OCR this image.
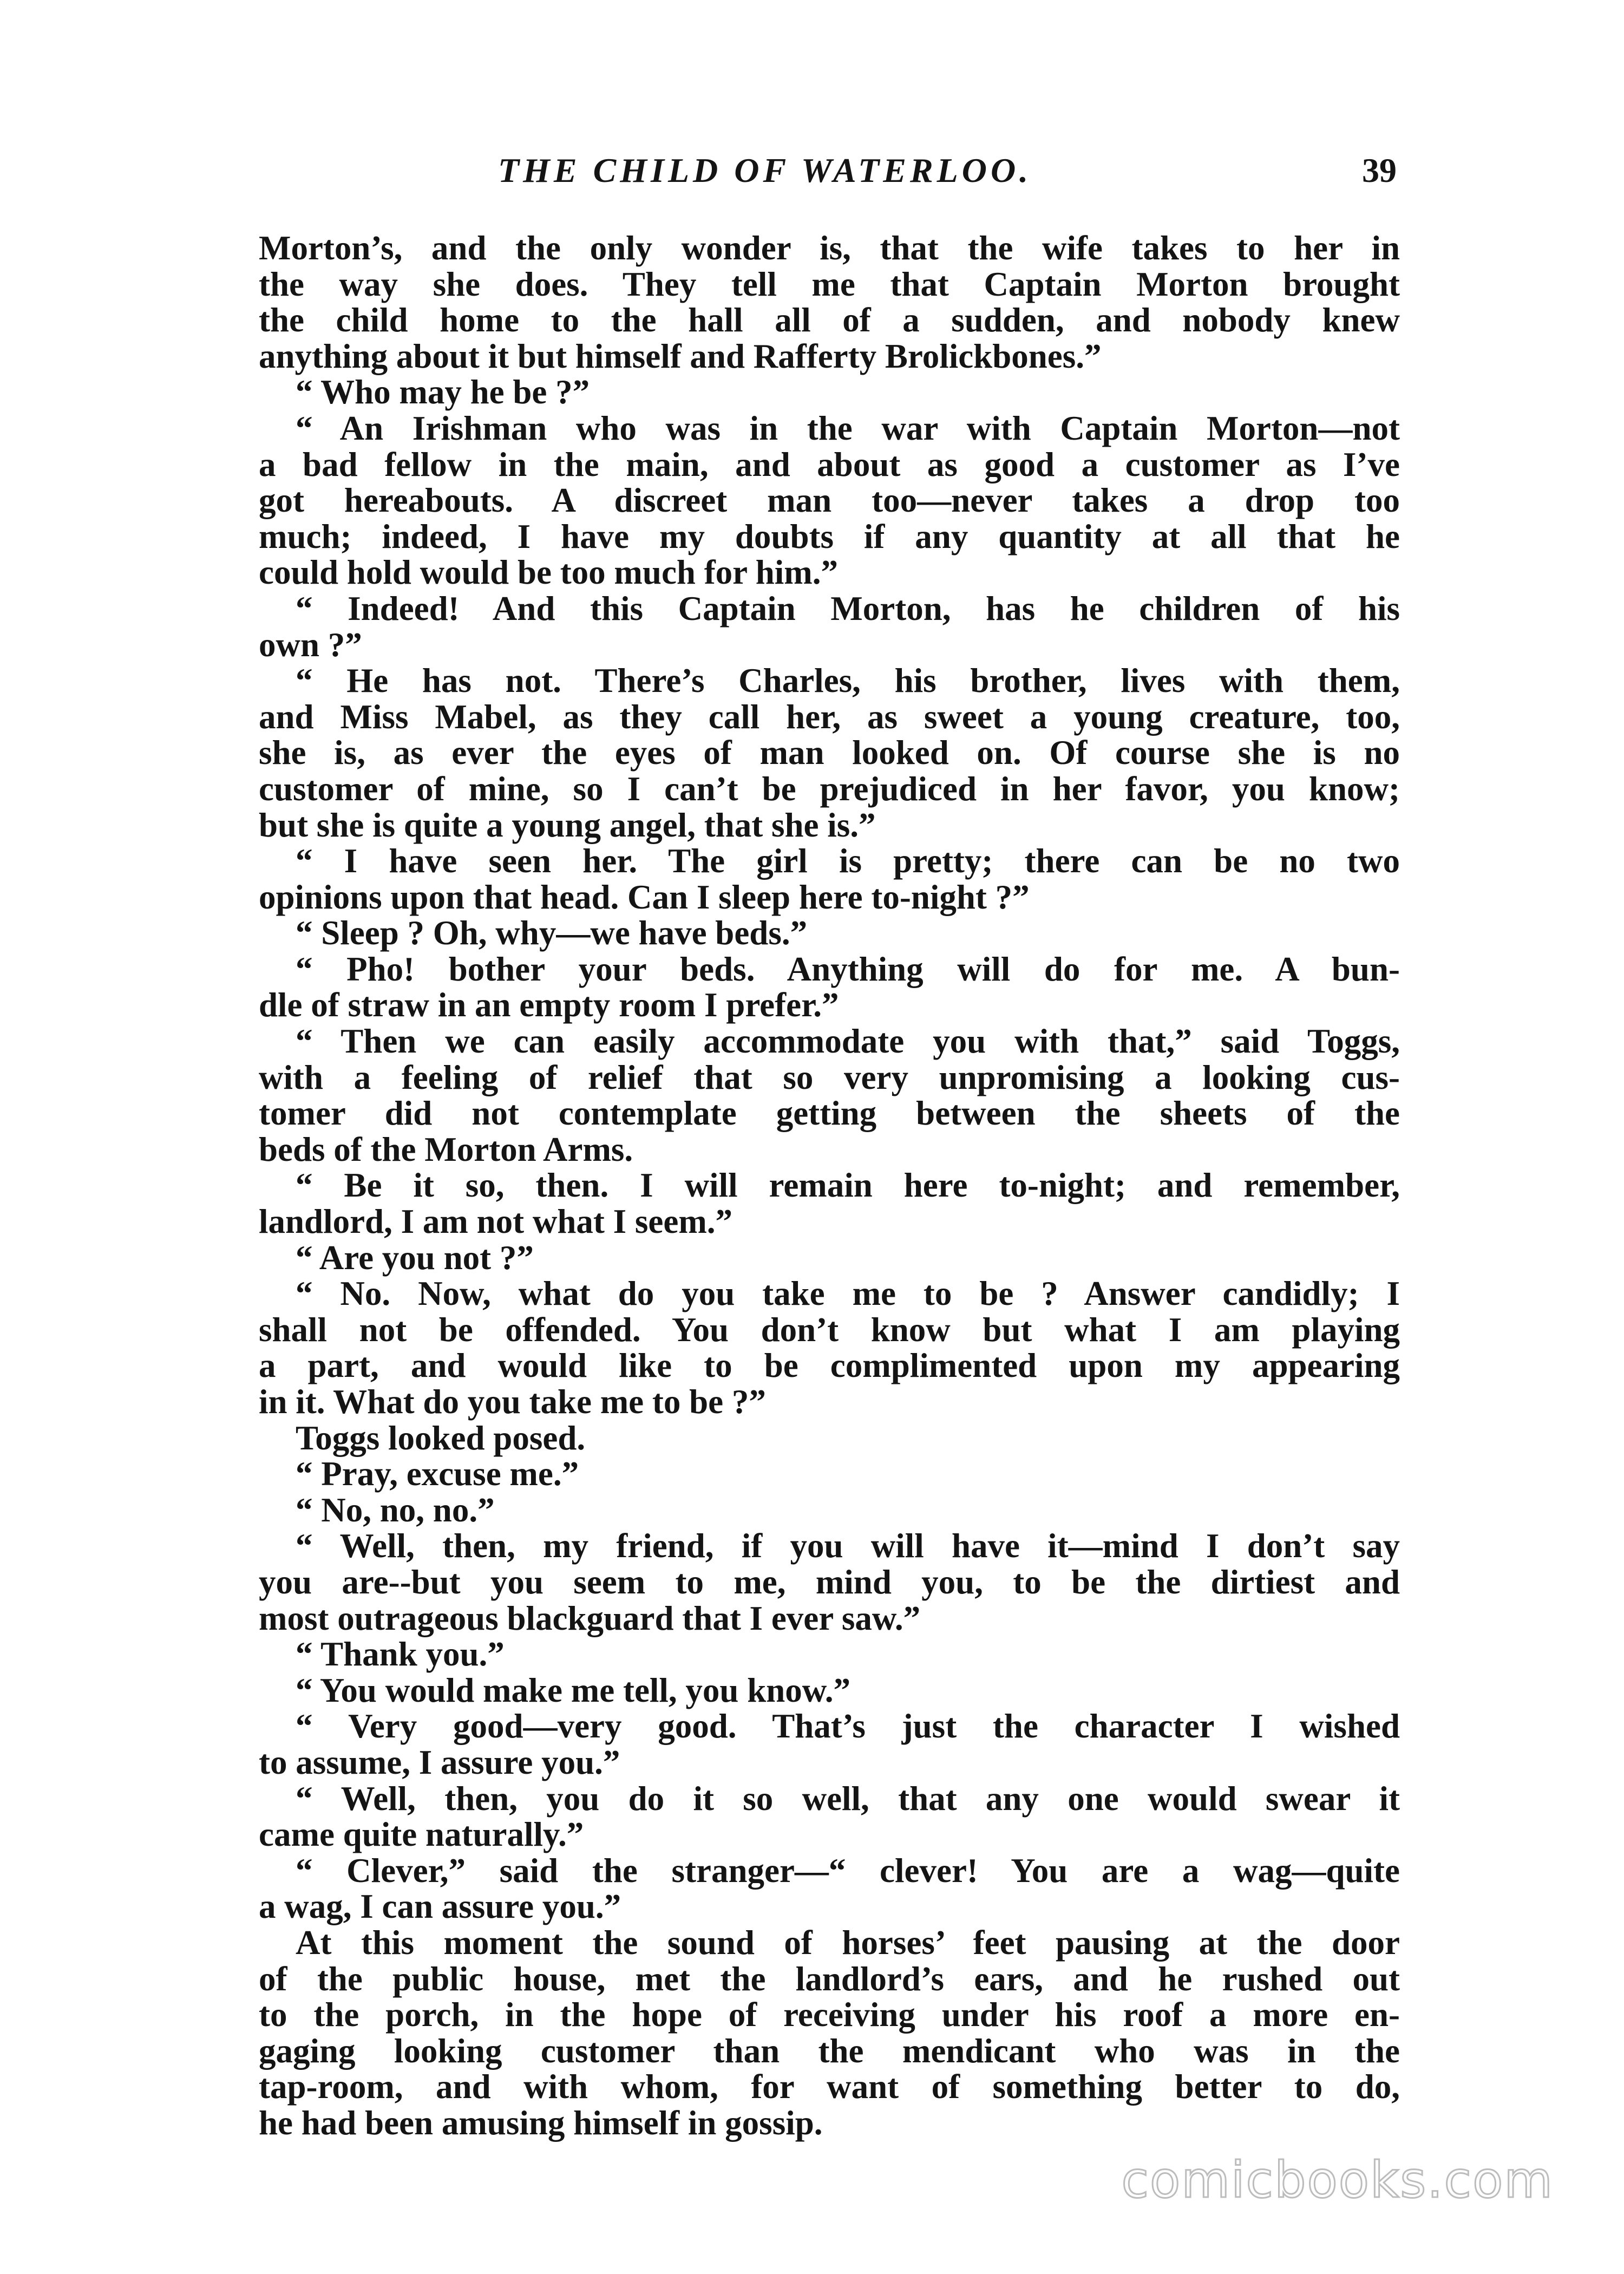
THE CHILD OF WATERLOO.	39
Morton’s, and the only wonder is, that the wife takes to her in
the way she does. They tell me that Captain Morton brought
the child home to the hall all of a sudden, and nobody knew
anything about it but himself and Rafferty Brolickbones.”
“ Who may he be ?”
“ An Irishman who was in the war with Captain Morton—not
a bad fellow in the main, and about as good a customer as I’ve
got hereabouts. A discreet man too—never takes a drop too
much; indeed, I have my doubts if any quantity at all that he
could hold would be too much for him.”
“ Indeed! And this Captain Morton, has he children of his
own ?”
“ He has not. There’s Charles, his brother, lives with them,
and Miss Mabel, as they call her, as sweet a young creature, too,
she is, as ever the eyes of man looked on. Of course she is no
customer of mine, so I can’t be prejudiced in her favor, you know;
but she is quite a young angel, that she is.”
“ I have seen her. The girl is pretty; there can be no two
opinions upon that head. Can I sleep here to-night ?”
“ Sleep ? Oh, why—we have beds.”
“ Pho! bother your beds. Anything will do for me. A bun-
dle of straw in an empty room I prefer.”
“ Then we can easily accommodate you with that,” said Toggs,
with a feeling of relief that so very unpromising a looking cus-
tomer did not contemplate getting between the sheets of the
beds of the Morton Arms.
“ Be it so, then. I will remain here to-night; and remember,
landlord, I am not what I seem.”
“ Are you not ?”
“ No. Now, what do you take me to be ? Answer candidly; I
shall not be offended. You don’t know but what I am playing
a part, and would like to be complimented upon my appearing
in it. What do you take me to be ?”
Toggs looked posed.
“ Pray, excuse me.”
“ No, no, no.”
“ Well, then, my friend, if you will have it—mind I don’t say
you are--but you seem to me, mind you, to be the dirtiest and
most outrageous blackguard that I ever saw.”
“ Thank you.”
“ You would make me tell, you know.”
“ Very good—very good. That’s just the character I wished
to assume, I assure you.”
“ Well, then, you do it so well, that any one would swear it
came quite naturally.”
“ Clever,” said the stranger—“ clever! You are a wag—quite
a wag, I can assure you.”
At this moment the sound of horses’ feet pausing at the door
of the public house, met the landlord’s ears, and he rushed out
to the porch, in the hope of receiving under his roof a more en-
gaging looking customer than the mendicant who was in the
tap-room, and with whom, for want of something better to do,
he had been amusing himself in gossip.
comicbooks.com
